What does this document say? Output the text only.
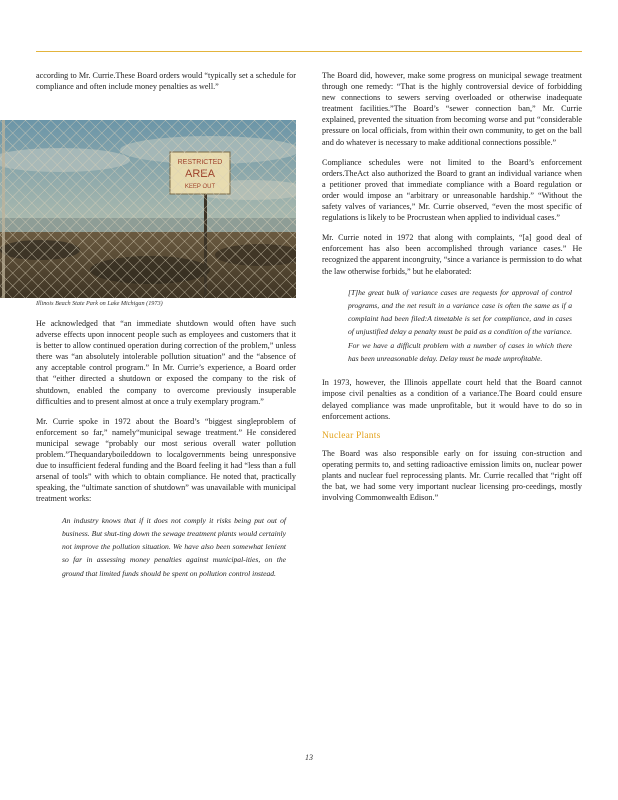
according to Mr. Currie.These Board orders would “typically set a schedule for compliance and often include money penalties as well.”

Illinois Beach State Park on Lake Michigan (1973)

He acknowledged that “an immediate shutdown would often have such adverse effects upon innocent people such as employees and customers that it is better to allow continued operation during correction of the problem,” unless there was “an absolutely intolerable pollution situation” and the “absence of any acceptable control program.” In Mr. Currie’s experience, a Board order that “either directed a shutdown or exposed the company to the risk of shutdown, enabled the company to overcome previously insuperable difficulties and to present almost at once a truly exemplary program.”

Mr. Currie spoke in 1972 about the Board’s “biggest singleproblem of enforcement so far,” namely“municipal sewage treatment.” He considered municipal sewage “probably our most serious overall water pollution problem.”Thequandaryboileddown to localgovernments being unresponsive due to insufficient federal funding and the Board feeling it had “less than a full arsenal of tools” with which to obtain compliance. He noted that, practically speaking, the “ultimate sanction of shutdown” was unavailable with municipal treatment works:

An industry knows that if it does not comply it risks being put out of business. But shut-ting down the sewage treatment plants would certainly not improve the pollution situation. We have also been somewhat lenient so far in assessing money penalties against municipal-ities, on the ground that limited funds should be spent on pollution control instead.

The Board did, however, make some progress on municipal sewage treatment through one remedy: “That is the highly controversial device of forbidding new connections to sewers serving overloaded or otherwise inadequate treatment facilities.”The Board’s “sewer connection ban,” Mr. Currie explained, prevented the situation from becoming worse and put “considerable pressure on local officials, from within their own community, to get on the ball and do whatever is necessary to make additional connections possible.”

Compliance schedules were not limited to the Board’s enforcement orders.TheAct also authorized the Board to grant an individual variance when a petitioner proved that immediate compliance with a Board regulation or order would impose an “arbitrary or unreasonable hardship.” “Without the safety valves of variances,” Mr. Currie observed, “even the most specific of regulations is likely to be Procrustean when applied to individual cases.”

Mr. Currie noted in 1972 that along with complaints, “[a] good deal of enforcement has also been accomplished through variance cases.” He recognized the apparent incongruity, “since a variance is permission to do what the law otherwise forbids,” but he elaborated:

[T]he great bulk of variance cases are requests for approval of control programs, and the net result in a variance case is often the same as if a complaint had been filed:A timetable is set for compliance, and in cases of unjustified delay a penalty must be paid as a condition of the variance. For we have a difficult problem with a number of cases in which there has been unreasonable delay. Delay must be made unprofitable.

In 1973, however, the Illinois appellate court held that the Board cannot impose civil penalties as a condition of a variance.The Board could ensure delayed compliance was made unprofitable, but it would have to do so in enforcement actions.

Nuclear Plants

The Board was also responsible early on for issuing con-struction and operating permits to, and setting radioactive emission limits on, nuclear power plants and nuclear fuel reprocessing plants. Mr. Currie recalled that “right off the bat, we had some very important nuclear licensing pro-ceedings, mostly involving Commonwealth Edison.”

13
